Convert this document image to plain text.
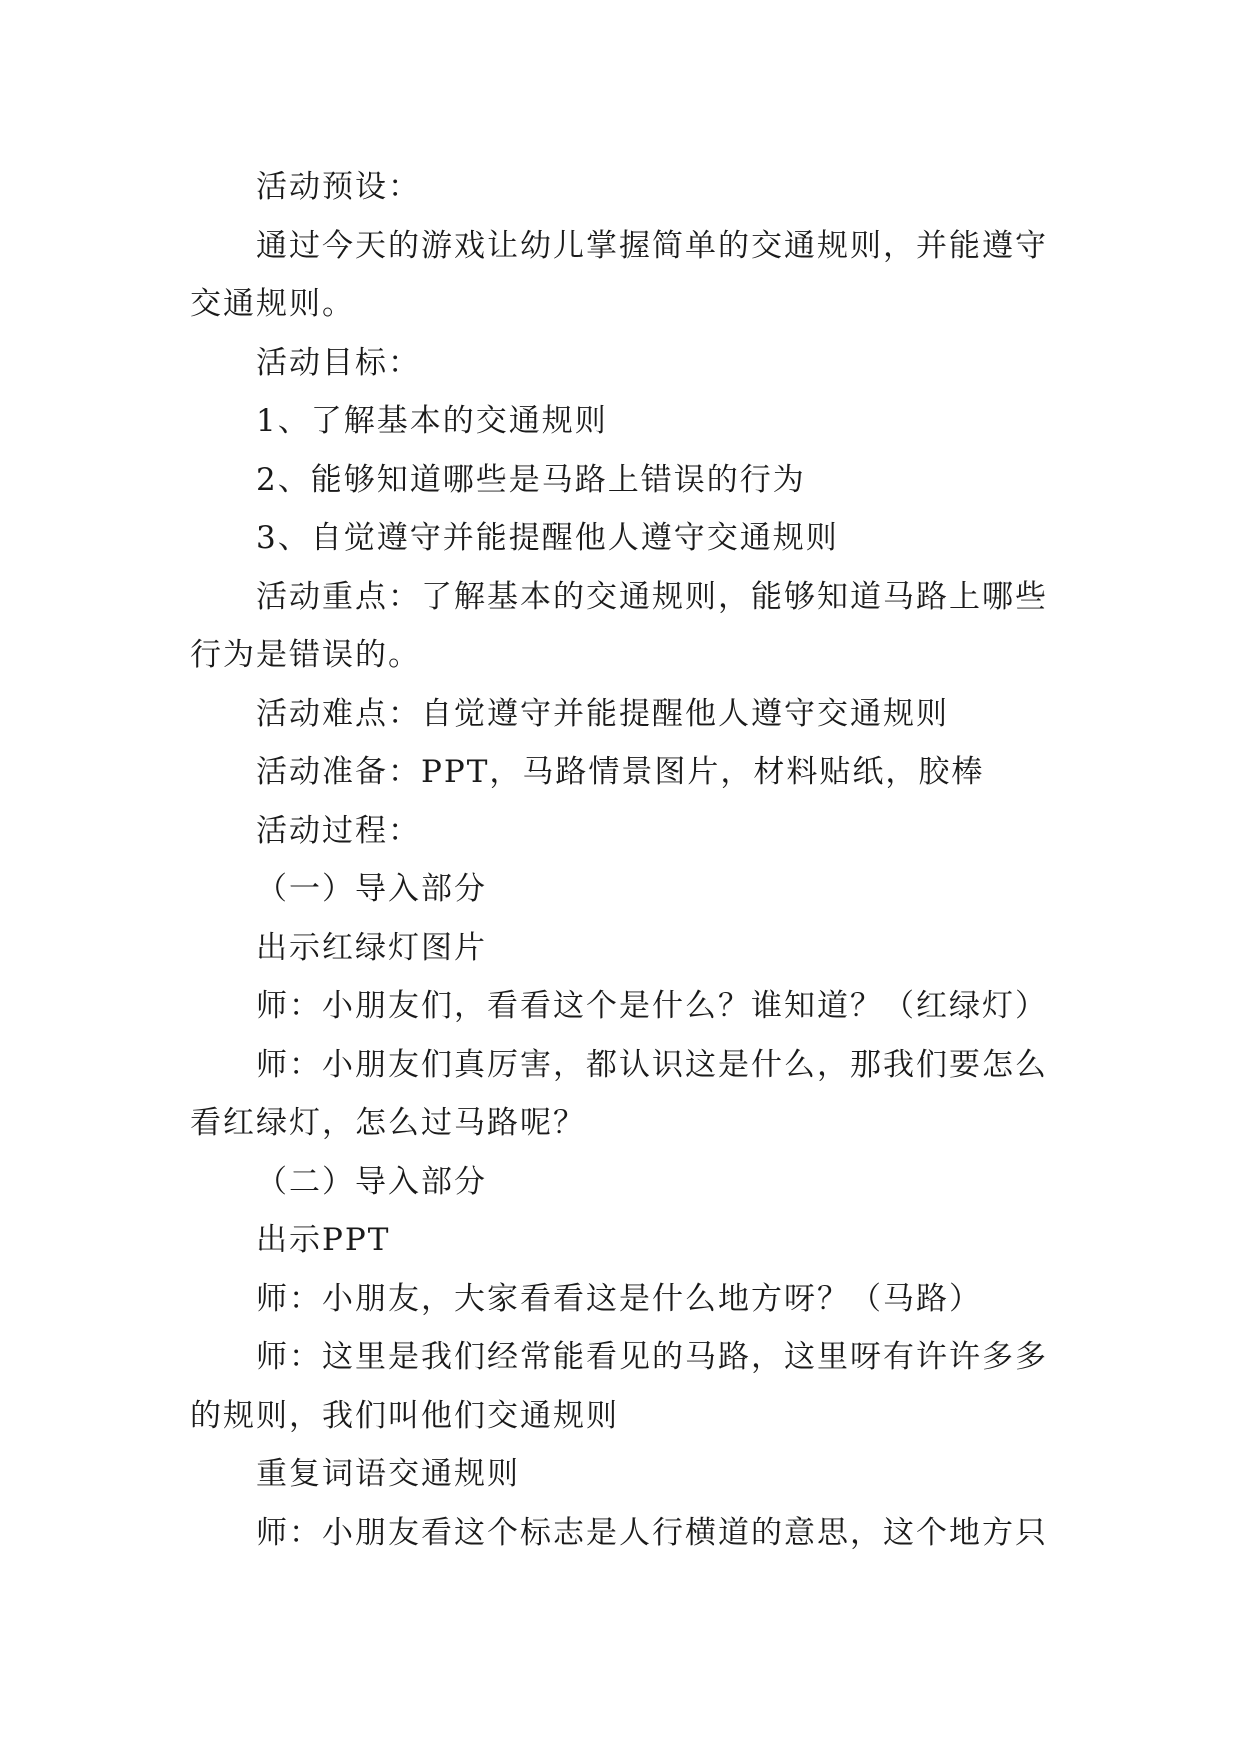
活动预设：

通过今天的游戏让幼儿掌握简单的交通规则，并能遵守交通规则。

活动目标：

1、了解基本的交通规则

2、能够知道哪些是马路上错误的行为

3、自觉遵守并能提醒他人遵守交通规则

活动重点：了解基本的交通规则，能够知道马路上哪些行为是错误的。

活动难点：自觉遵守并能提醒他人遵守交通规则

活动准备：PPT，马路情景图片，材料贴纸，胶棒

活动过程：

（一）导入部分

出示红绿灯图片

师：小朋友们，看看这个是什么？谁知道？（红绿灯）

师：小朋友们真厉害，都认识这是什么，那我们要怎么看红绿灯，怎么过马路呢？

（二）导入部分

出示PPT

师：小朋友，大家看看这是什么地方呀？（马路）

师：这里是我们经常能看见的马路，这里呀有许许多多的规则，我们叫他们交通规则

重复词语交通规则

师：小朋友看这个标志是人行横道的意思，这个地方只
